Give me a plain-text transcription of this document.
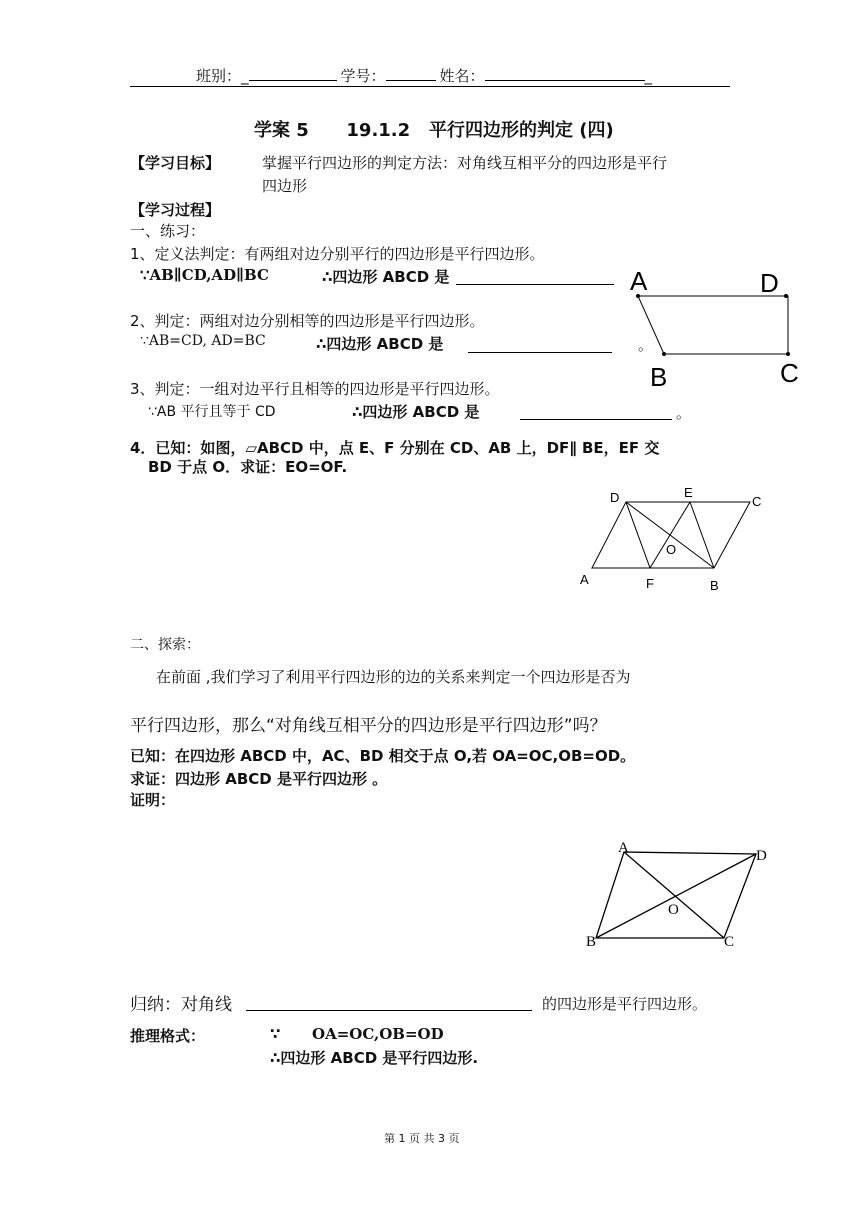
班别：_	学号：	姓名：	_
学案 5      19.1.2   平行四边形的判定 (四)
【学习目标】	掌握平行四边形的判定方法：对角线互相平分的四边形是平行
四边形
【学习过程】
一、练习：
1、定义法判定：有两组对边分别平行的四边形是平行四边形。
∵AB∥CD,AD∥BC	∴四边形 ABCD 是
2、判定：两组对边分别相等的四边形是平行四边形。
∵AB=CD, AD=BC	∴四边形 ABCD 是	。
3、判定：一组对边平行且相等的四边形是平行四边形。
∵AB 平行且等于 CD	∴四边形 ABCD 是	。
4．已知：如图，▱ABCD 中，点 E、F 分别在 CD、AB 上，DF∥ BE，EF 交
BD 于点 O．求证：EO=OF.
A	D
B	C
D	E
C
O
A	F	B
二、探索：
在前面 ,我们学习了利用平行四边形的边的关系来判定一个四边形是否为
平行四边形，那么“对角线互相平分的四边形是平行四边形”吗？
已知：在四边形 ABCD 中，AC、BD 相交于点 O,若 OA=OC,OB=OD。
求证：四边形 ABCD 是平行四边形 。
证明：
A	D
O
B	C
归纳：对角线	的四边形是平行四边形。
推理格式：	∵ OA=OC,OB=OD
∴四边形 ABCD 是平行四边形.
第 1 页 共 3 页
